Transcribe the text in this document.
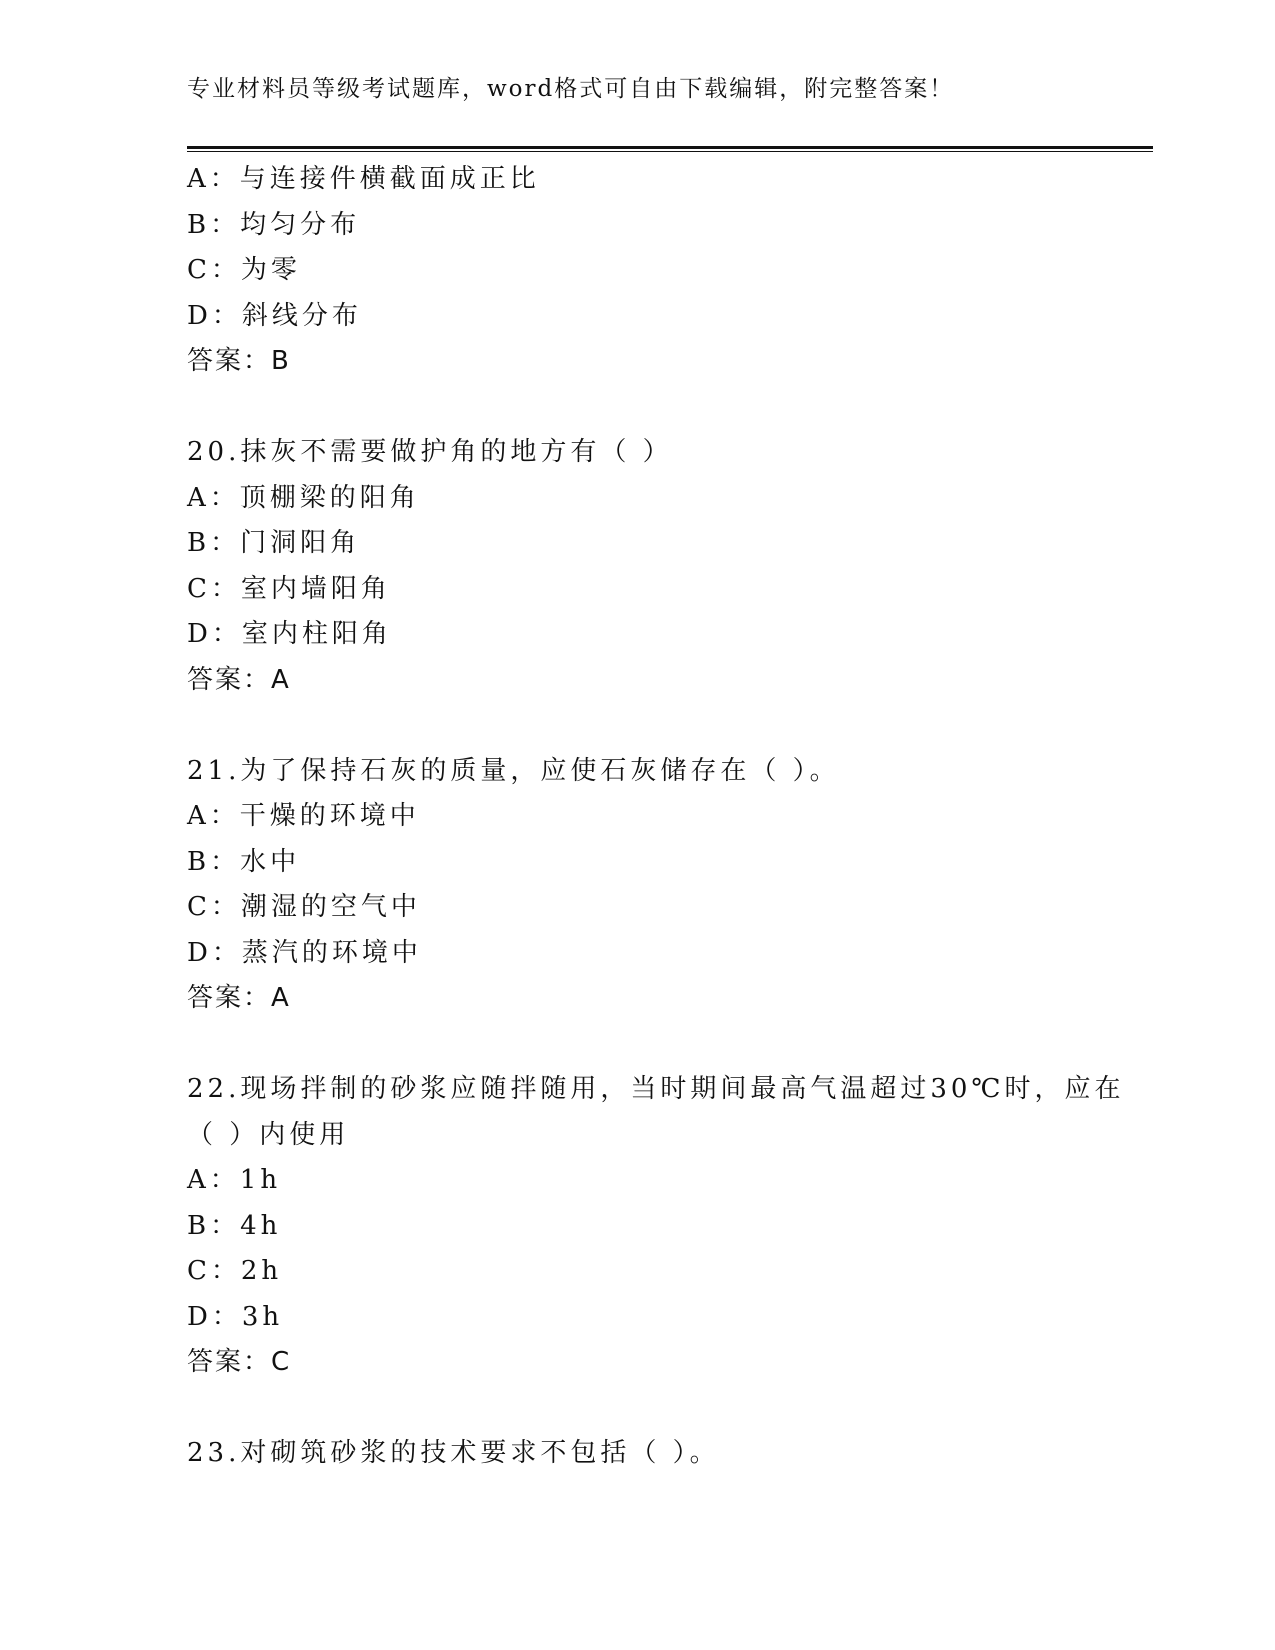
专业材料员等级考试题库，word格式可自由下载编辑，附完整答案！
A：与连接件横截面成正比
B：均匀分布
C：为零
D：斜线分布
答案：B
20.抹灰不需要做护角的地方有（ ）
A：顶棚梁的阳角
B：门洞阳角
C：室内墙阳角
D：室内柱阳角
答案：A
21.为了保持石灰的质量，应使石灰储存在（ ）。
A：干燥的环境中
B：水中
C：潮湿的空气中
D：蒸汽的环境中
答案：A
22.现场拌制的砂浆应随拌随用，当时期间最高气温超过30℃时，应在
（ ）内使用
A：1h
B：4h
C：2h
D：3h
答案：C
23.对砌筑砂浆的技术要求不包括（ ）。
